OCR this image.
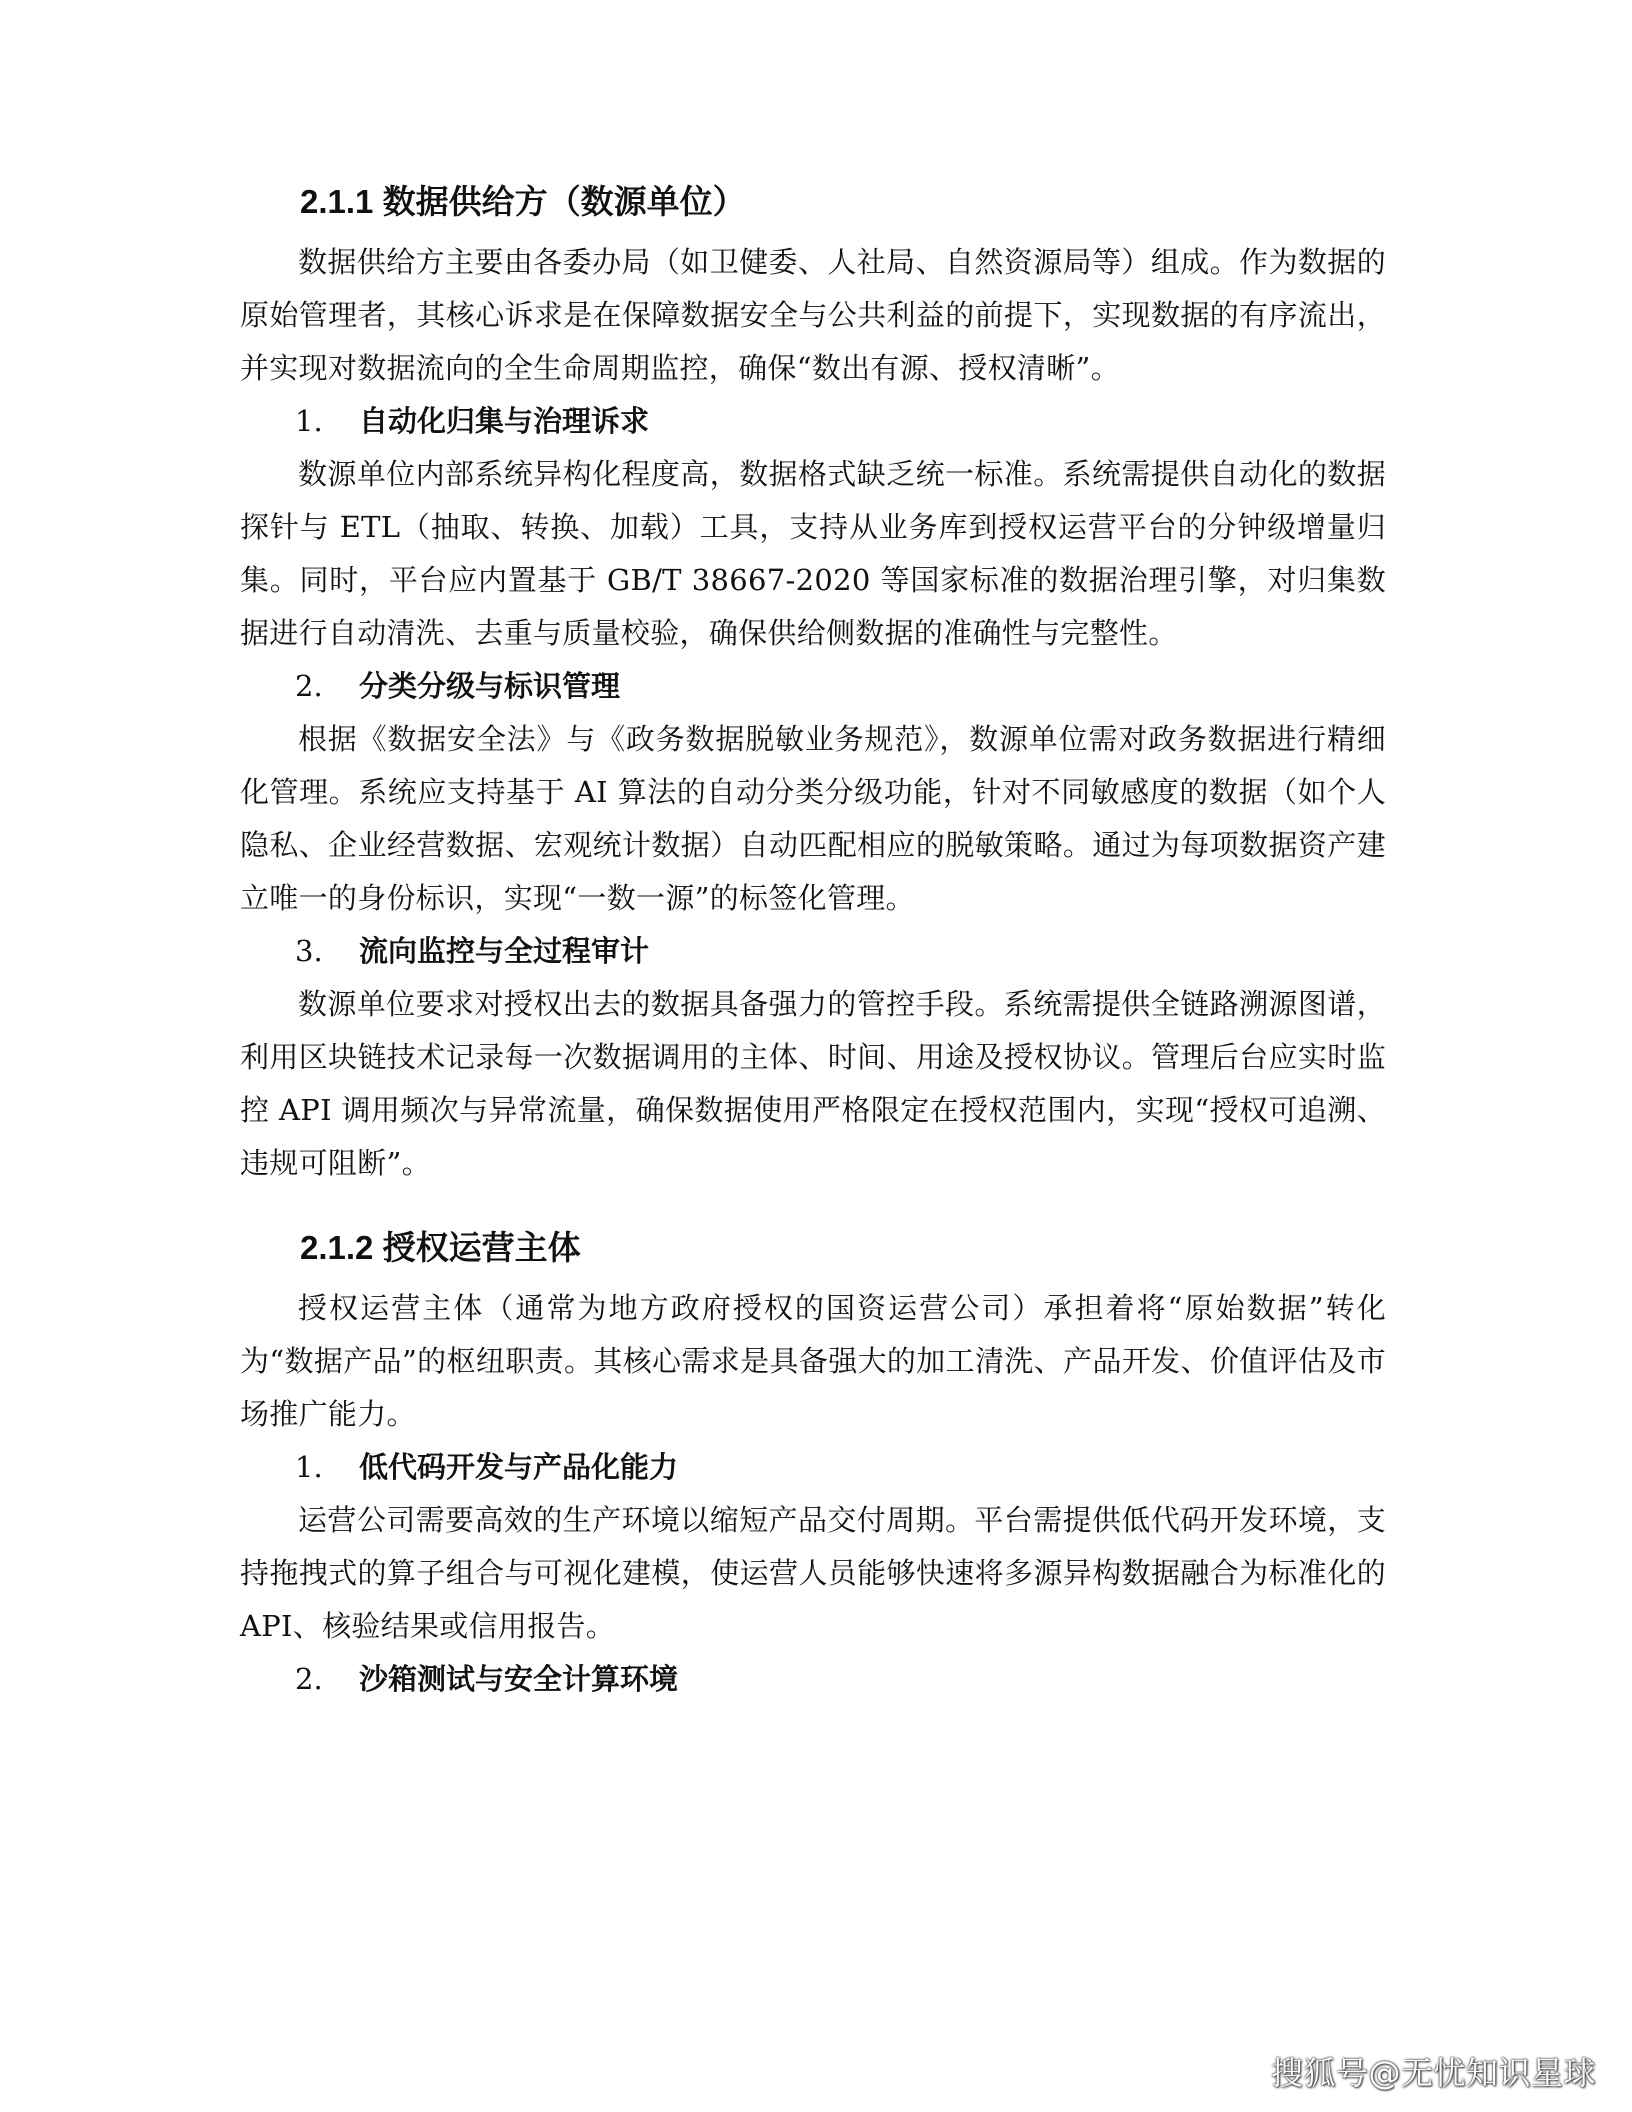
2.1.1 数据供给方（数源单位）

数据供给方主要由各委办局（如卫健委、人社局、自然资源局等）组成。作为数据的原始管理者，其核心诉求是在保障数据安全与公共利益的前提下，实现数据的有序流出，并实现对数据流向的全生命周期监控，确保“数出有源、授权清晰”。

1.	自动化归集与治理诉求

数源单位内部系统异构化程度高，数据格式缺乏统一标准。系统需提供自动化的数据探针与 ETL（抽取、转换、加载）工具，支持从业务库到授权运营平台的分钟级增量归集。同时，平台应内置基于 GB/T 38667-2020 等国家标准的数据治理引擎，对归集数据进行自动清洗、去重与质量校验，确保供给侧数据的准确性与完整性。

2.	分类分级与标识管理

根据《数据安全法》与《政务数据脱敏业务规范》，数源单位需对政务数据进行精细化管理。系统应支持基于 AI 算法的自动分类分级功能，针对不同敏感度的数据（如个人隐私、企业经营数据、宏观统计数据）自动匹配相应的脱敏策略。通过为每项数据资产建立唯一的身份标识，实现“一数一源”的标签化管理。

3.	流向监控与全过程审计

数源单位要求对授权出去的数据具备强力的管控手段。系统需提供全链路溯源图谱，利用区块链技术记录每一次数据调用的主体、时间、用途及授权协议。管理后台应实时监控 API 调用频次与异常流量，确保数据使用严格限定在授权范围内，实现“授权可追溯、违规可阻断”。

2.1.2 授权运营主体

授权运营主体（通常为地方政府授权的国资运营公司）承担着将“原始数据”转化为“数据产品”的枢纽职责。其核心需求是具备强大的加工清洗、产品开发、价值评估及市场推广能力。

1.	低代码开发与产品化能力

运营公司需要高效的生产环境以缩短产品交付周期。平台需提供低代码开发环境，支持拖拽式的算子组合与可视化建模，使运营人员能够快速将多源异构数据融合为标准化的 API、核验结果或信用报告。

2.	沙箱测试与安全计算环境
搜狐号@无忧知识星球
